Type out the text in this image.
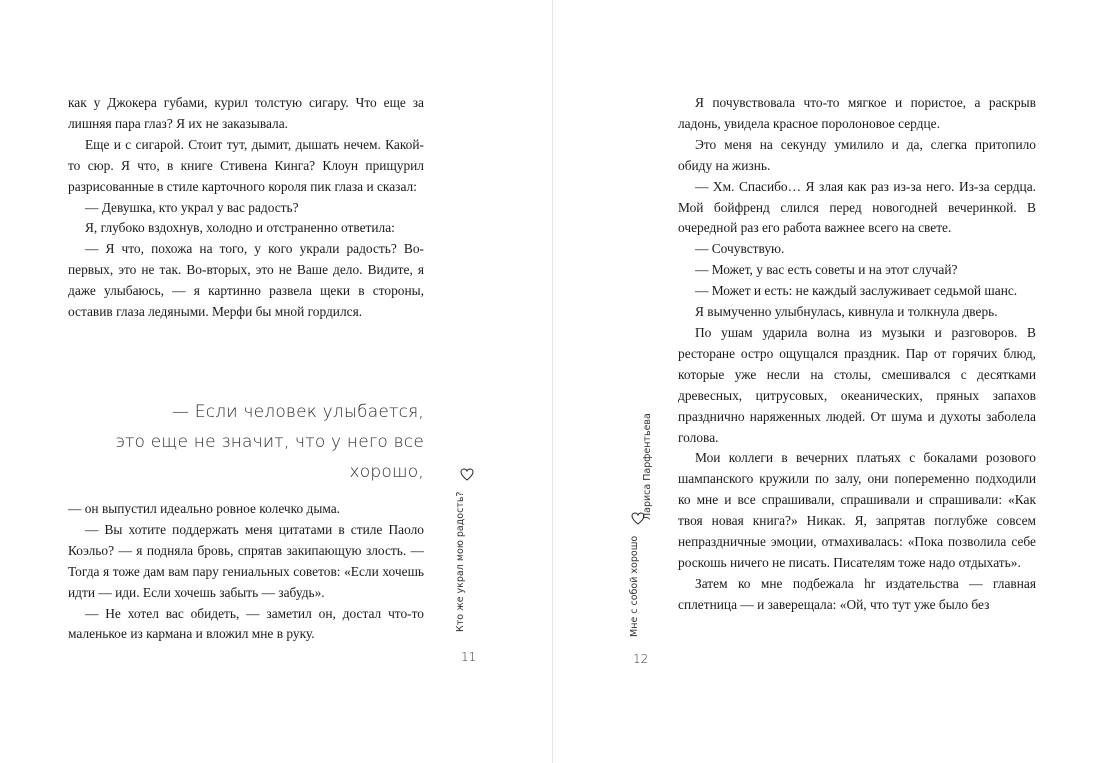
как у Джокера губами, курил толстую сигару. Что еще за лишняя пара глаз? Я их не заказывала.

Еще и с сигарой. Стоит тут, дымит, дышать нечем. Какой-то сюр. Я что, в книге Стивена Кинга? Клоун прищурил разрисованные в стиле карточного короля пик глаза и сказал:

— Девушка, кто украл у вас радость?

Я, глубоко вздохнув, холодно и отстраненно ответила:

— Я что, похожа на того, у кого украли радость? Во-первых, это не так. Во-вторых, это не Ваше дело. Видите, я даже улыбаюсь, — я картинно развела щеки в стороны, оставив глаза ледяными. Мерфи бы мной гордился.

— Если человек улыбается,
это еще не значит, что у него все
хорошо,

— он выпустил идеально ровное колечко дыма.

— Вы хотите поддержать меня цитатами в стиле Паоло Коэльо? — я подняла бровь, спрятав закипающую злость. — Тогда я тоже дам вам пару гениальных советов: «Если хочешь идти — иди. Если хочешь забыть — забудь».

— Не хотел вас обидеть, — заметил он, достал что-то маленькое из кармана и вложил мне в руку.

Кто же украл мою радость?
11
Мне с собой хорошо
Лариса Парфентьева
12

Я почувствовала что-то мягкое и пористое, а раскрыв ладонь, увидела красное поролоновое сердце.

Это меня на секунду умилило и да, слегка притопило обиду на жизнь.

— Хм. Спасибо… Я злая как раз из-за него. Из-за сердца. Мой бойфренд слился перед новогодней вечеринкой. В очередной раз его работа важнее всего на свете.

— Сочувствую.

— Может, у вас есть советы и на этот случай?

— Может и есть: не каждый заслуживает седьмой шанс.

Я вымученно улыбнулась, кивнула и толкнула дверь.

По ушам ударила волна из музыки и разговоров. В ресторане остро ощущался праздник. Пар от горячих блюд, которые уже несли на столы, смешивался с десятками древесных, цитрусовых, океанических, пряных запахов празднично наряженных людей. От шума и духоты заболела голова.

Мои коллеги в вечерних платьях с бокалами розового шампанского кружили по залу, они попеременно подходили ко мне и все спрашивали, спрашивали и спрашивали: «Как твоя новая книга?» Никак. Я, запрятав поглубже совсем непраздничные эмоции, отмахивалась: «Пока позволила себе роскошь ничего не писать. Писателям тоже надо отдыхать».

Затем ко мне подбежала hr издательства — главная сплетница — и заверещала: «Ой, что тут уже было без
